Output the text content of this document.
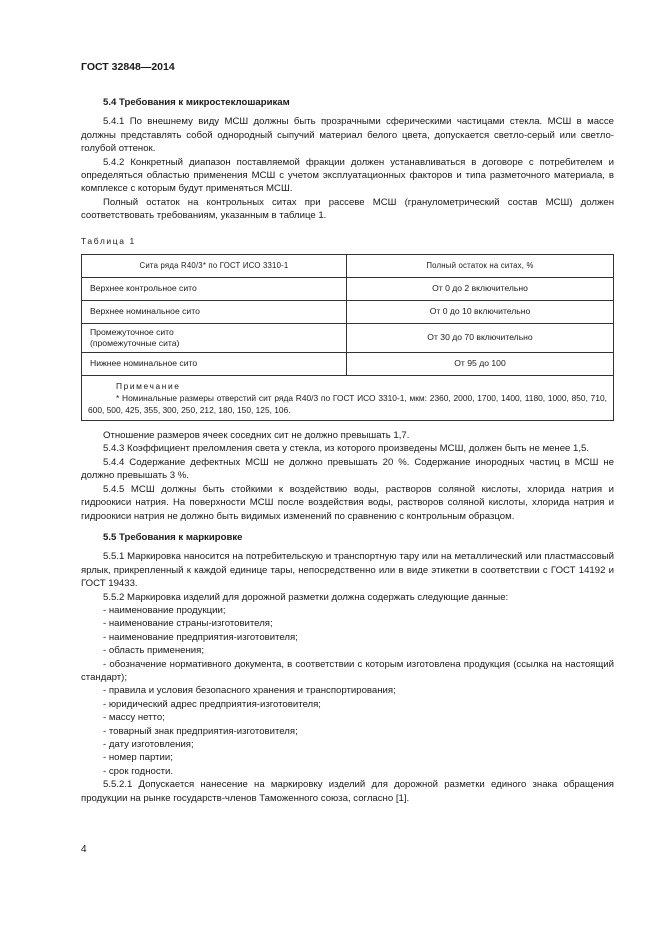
ГОСТ 32848—2014
5.4 Требования к микростеклошарикам

5.4.1 По внешнему виду МСШ должны быть прозрачными сферическими частицами стекла. МСШ в массе должны представлять собой однородный сыпучий материал белого цвета, допускается светло-серый или светло-голубой оттенок.

5.4.2 Конкретный диапазон поставляемой фракции должен устанавливаться в договоре с потребителем и определяться областью применения МСШ с учетом эксплуатационных факторов и типа разметочного материала, в комплексе с которым будут применяться МСШ.

Полный остаток на контрольных ситах при рассеве МСШ (гранулометрический состав МСШ) должен соответствовать требованиям, указанным в таблице 1.

Таблица 1
Сита ряда R40/3* по ГОСТ ИСО 3310-1	Полный остаток на ситах, %
Верхнее контрольное сито	От 0 до 2 включительно
Верхнее номинальное сито	От 0 до 10 включительно
Промежуточное сито
(промежуточные сита)	От 30 до 70 включительно
Нижнее номинальное сито	От 95 до 100

Примечание
* Номинальные размеры отверстий сит ряда R40/3 по ГОСТ ИСО 3310-1, мкм: 2360, 2000, 1700, 1400, 1180, 1000, 850, 710, 600, 500, 425, 355, 300, 250, 212, 180, 150, 125, 106.	

Отношение размеров ячеек соседних сит не должно превышать 1,7.

5.4.3 Коэффициент преломления света у стекла, из которого произведены МСШ, должен быть не менее 1,5.

5.4.4 Содержание дефектных МСШ не должно превышать 20 %. Содержание инородных частиц в МСШ не должно превышать 3 %.

5.4.5 МСШ должны быть стойкими к воздействию воды, растворов соляной кислоты, хлорида натрия и гидроокиси натрия. На поверхности МСШ после воздействия воды, растворов соляной кислоты, хлорида натрия и гидроокиси натрия не должно быть видимых изменений по сравнению с контрольным образцом.

5.5 Требования к маркировке

5.5.1 Маркировка наносится на потребительскую и транспортную тару или на металлический или пластмассовый ярлык, прикрепленный к каждой единице тары, непосредственно или в виде этикетки в соответствии с ГОСТ 14192 и ГОСТ 19433.

5.5.2 Маркировка изделий для дорожной разметки должна содержать следующие данные:

- наименование продукции;
- наименование страны-изготовителя;
- наименование предприятия-изготовителя;
- область применения;

- обозначение нормативного документа, в соответствии с которым изготовлена продукция (ссылка на настоящий стандарт);

- правила и условия безопасного хранения и транспортирования;
- юридический адрес предприятия-изготовителя;
- массу нетто;
- товарный знак предприятия-изготовителя;
- дату изготовления;
- номер партии;
- срок годности.

5.5.2.1 Допускается нанесение на маркировку изделий для дорожной разметки единого знака обращения продукции на рынке государств-членов Таможенного союза, согласно [1].

4
